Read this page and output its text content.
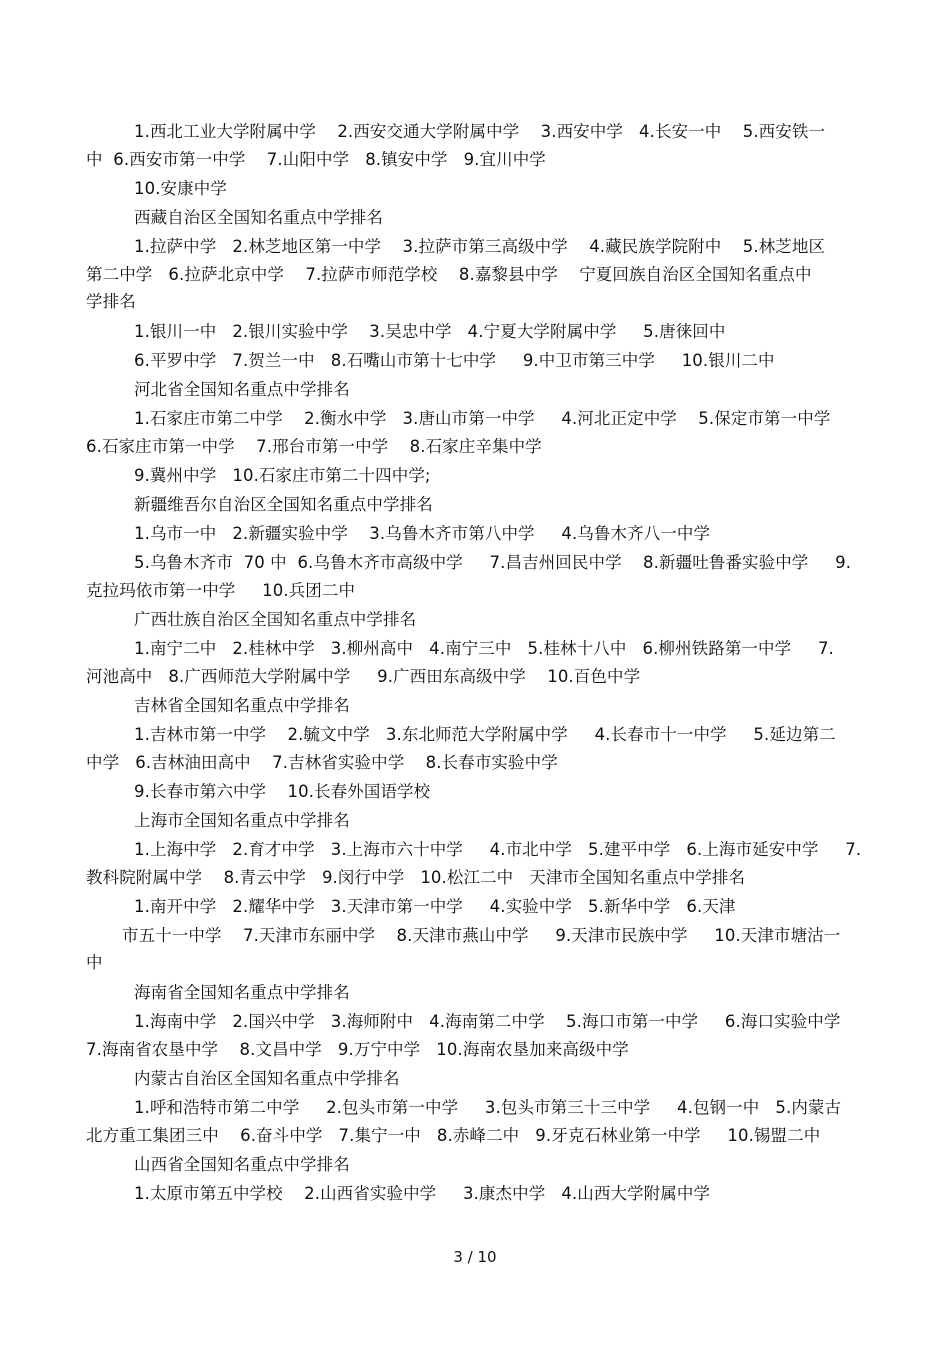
1.西北工业大学附属中学    2.西安交通大学附属中学    3.西安中学   4.长安一中    5.西安铁一
中  6.西安市第一中学    7.山阳中学   8.镇安中学   9.宜川中学
10.安康中学
西藏自治区全国知名重点中学排名
1.拉萨中学   2.林芝地区第一中学    3.拉萨市第三高级中学    4.藏民族学院附中    5.林芝地区
第二中学   6.拉萨北京中学    7.拉萨市师范学校    8.嘉黎县中学    宁夏回族自治区全国知名重点中
学排名
1.银川一中   2.银川实验中学    3.吴忠中学   4.宁夏大学附属中学     5.唐徕回中
6.平罗中学   7.贺兰一中   8.石嘴山市第十七中学     9.中卫市第三中学     10.银川二中
河北省全国知名重点中学排名
1.石家庄市第二中学    2.衡水中学   3.唐山市第一中学     4.河北正定中学    5.保定市第一中学
6.石家庄市第一中学    7.邢台市第一中学    8.石家庄辛集中学
9.冀州中学   10.石家庄市第二十四中学;
新疆维吾尔自治区全国知名重点中学排名
1.乌市一中   2.新疆实验中学    3.乌鲁木齐市第八中学     4.乌鲁木齐八一中学
5.乌鲁木齐市  70 中  6.乌鲁木齐市高级中学     7.昌吉州回民中学    8.新疆吐鲁番实验中学     9.
克拉玛依市第一中学     10.兵团二中
广西壮族自治区全国知名重点中学排名
1.南宁二中   2.桂林中学   3.柳州高中   4.南宁三中   5.桂林十八中   6.柳州铁路第一中学     7.
河池高中   8.广西师范大学附属中学     9.广西田东高级中学    10.百色中学
吉林省全国知名重点中学排名
1.吉林市第一中学    2.毓文中学   3.东北师范大学附属中学     4.长春市十一中学     5.延边第二
中学   6.吉林油田高中    7.吉林省实验中学    8.长春市实验中学
9.长春市第六中学    10.长春外国语学校
上海市全国知名重点中学排名
1.上海中学   2.育才中学   3.上海市六十中学     4.市北中学   5.建平中学   6.上海市延安中学     7.
教科院附属中学    8.青云中学   9.闵行中学   10.松江二中   天津市全国知名重点中学排名
1.南开中学   2.耀华中学   3.天津市第一中学     4.实验中学   5.新华中学   6.天津
市五十一中学    7.天津市东丽中学    8.天津市燕山中学     9.天津市民族中学     10.天津市塘沽一
中
海南省全国知名重点中学排名
1.海南中学   2.国兴中学   3.海师附中   4.海南第二中学    5.海口市第一中学     6.海口实验中学
7.海南省农垦中学    8.文昌中学   9.万宁中学   10.海南农垦加来高级中学
内蒙古自治区全国知名重点中学排名
1.呼和浩特市第二中学     2.包头市第一中学     3.包头市第三十三中学     4.包钢一中   5.内蒙古
北方重工集团三中    6.奋斗中学   7.集宁一中   8.赤峰二中   9.牙克石林业第一中学     10.锡盟二中
山西省全国知名重点中学排名
1.太原市第五中学校    2.山西省实验中学     3.康杰中学   4.山西大学附属中学
3 / 10
